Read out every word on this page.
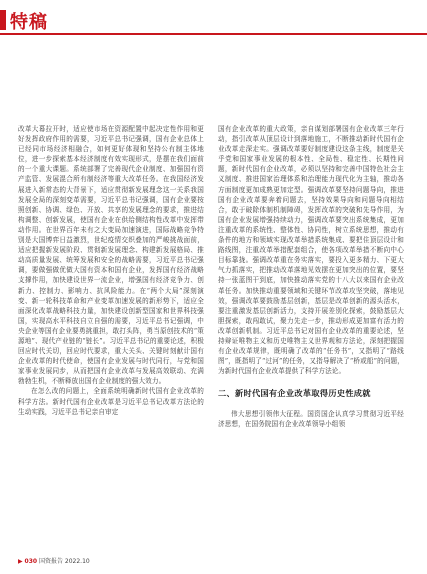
特稿

改革大幕拉开时，适应使市场在资源配置中起决定性作用和更好发挥政府作用的需要，习近平总书记强调，国有企业总体上已经同市场经济相融合，如何更好体现和坚持公有制主体地位，进一步探索基本经济制度有效实现形式，是摆在我们面前的一个重大课题。系统部署了完善现代企业制度、加强国有资产监管、发展混合所有制经济等重大改革任务。在我国经济发展进入新常态的大背景下，适应贯彻新发展理念这一关系我国发展全局的深刻变革需要，习近平总书记强调，国有企业要按照创新、协调、绿色、开放、共享的发展理念的要求，推进结构调整、创新发展，使国有企业在供给侧结构性改革中发挥带动作用。在世界百年未有之大变局加速演进，国际战略竞争特别是大国博弈日益激烈，世纪疫情交织叠加的严峻挑战面前，适应把握新发展阶段、贯彻新发展理念、构建新发展格局、推动高质量发展、统筹发展和安全的战略需要，习近平总书记强调，要做强做优做大国有资本和国有企业，发挥国有经济战略支撑作用，加快建设世界一流企业，增强国有经济竞争力、创新力、控制力、影响力、抗风险能力。在“两个大局”深刻演变、新一轮科技革命和产业变革加速发展的新形势下，适应全面深化改革战略科技力量，加快建设创新型国家和世界科技强国，实现高水平科技自立自强的需要，习近平总书记强调，中央企业等国有企业要勇挑重担，敢打头阵，勇当原创技术的“策源地”、现代产业链的“链长”。习近平总书记的重要论述，积极回应时代关切，回应时代要求，重大关头、关键时刻献计国有企业改革的时代使命，使国有企业发展与时代同行，与党和国家事业发展同步，从而把国有企业改革与发展高效联动、充满勃勃生机，不断释放出国有企业制度的强大效力。

在怎么改的问题上，全面系统明确新时代国有企业改革的科学方法。新时代国有企业改革是习近平总书记改革方法论的生动实践，习近平总书记亲自审定

国有企业改革的重大政策，亲自谋划部署国有企业改革三年行动，指引改革从顶层设计到落地施工，不断推动新时代国有企业改革走深走实。强调改革要好制度建设这条主线，制度是关乎党和国家事业发展的根本性、全局性、稳定性、长期性问题，新时代国有企业改革，必须以坚持和完善中国特色社会主义制度、推进国家治理体系和治理能力现代化为主轴，推动各方面制度更加成熟更加定型。强调改革要坚持问题导向，推进国有企业改革要奔着问题去，坚持效果导向和问题导向相结合，敢于破除体制机制障碍，发挥改革的突破和先导作用，为国有企业发展增强持续动力，强调改革要突出系统集成，更加注重改革的系统性、整体性、协同性，树立系统思想，推动有条件的地方和领域实现改革举措系统集成、要把住顶层设计和路线图，注重改革举措配套组合，使各项改革举措不断向中心目标靠拢。强调改革重在务实落实，要投入更多精力、下更大气力抓落实，把推动改革落地见效摆在更加突出的位置，要坚持一张蓝图干到底，加快推动落实党的十八大以来国有企业改革任务。加快推动重要领域和关键环节改革攻坚突破，落地见效，强调改革要鼓励基层创新，基层是改革创新的源头活水，要注重激发基层创新活力，支持开展差别化探索，鼓励基层大胆探索，敢闯敢试，聚力先走一步，推动形成更加富有活力的改革创新机制。习近平总书记对国有企业改革的重要论述，坚持辩证唯物主义和历史唯物主义世界观和方法论，深刻把握国有企业改革规律，既明确了改革的“任务书”，又指明了“路线图”，既指明了“过河”的任务，又指导解决了“桥或船”的问题，为新时代国有企业改革提供了科学方法论。

二、新时代国有企业改革取得历史性成就

伟大思想引领伟大征程。国资国企认真学习贯彻习近平经济思想，在国务院国有企业改革领导小组领

▶ 030 国资报告 2022.10
